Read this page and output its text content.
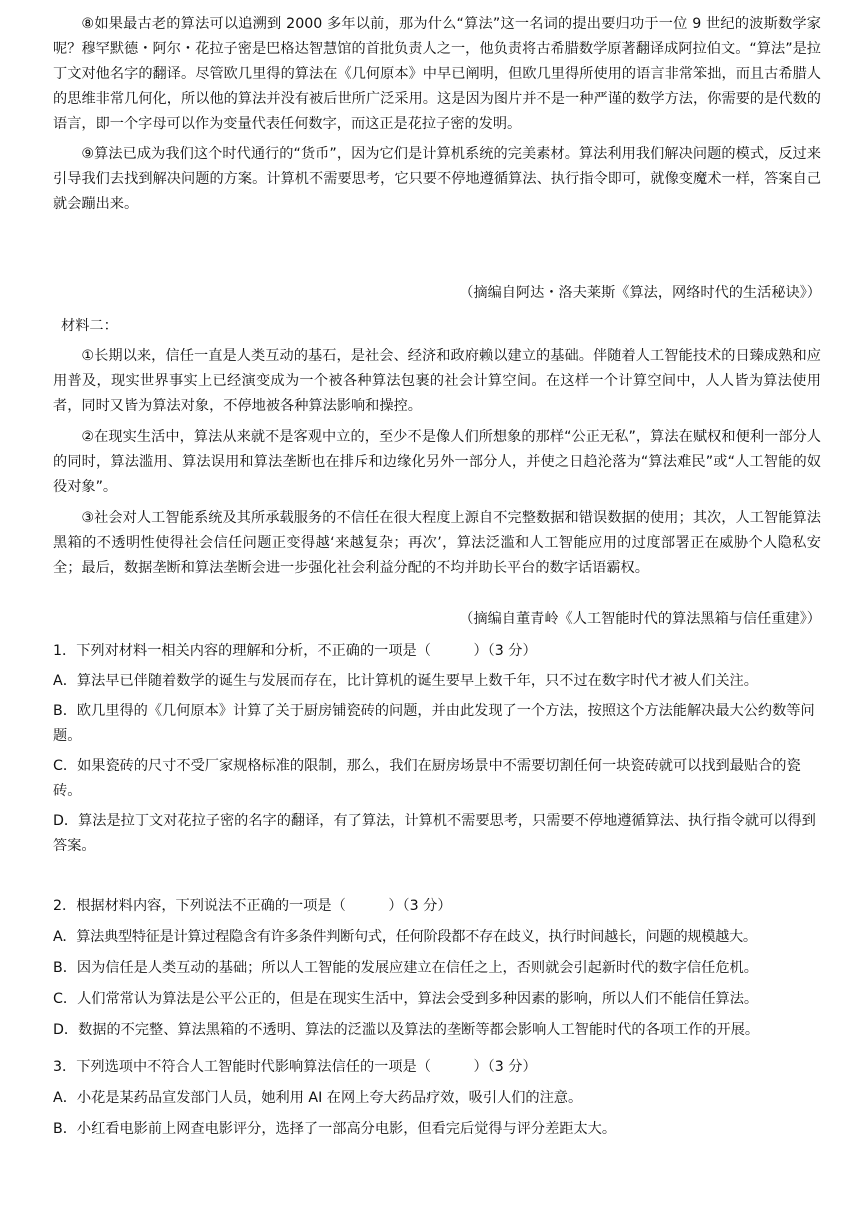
⑧如果最古老的算法可以追溯到 2000 多年以前，那为什么“算法”这一名词的提出要归功于一位 9 世纪的波斯数学家呢？穆罕默德・阿尔・花拉子密是巴格达智慧馆的首批负责人之一，他负责将古希腊数学原著翻译成阿拉伯文。“算法”是拉丁文对他名字的翻译。尽管欧几里得的算法在《几何原本》中早已阐明，但欧几里得所使用的语言非常笨拙，而且古希腊人的思维非常几何化，所以他的算法并没有被后世所广泛采用。这是因为图片并不是一种严谨的数学方法，你需要的是代数的语言，即一个字母可以作为变量代表任何数字，而这正是花拉子密的发明。

⑨算法已成为我们这个时代通行的“货币”，因为它们是计算机系统的完美素材。算法利用我们解决问题的模式，反过来引导我们去找到解决问题的方案。计算机不需要思考，它只要不停地遵循算法、执行指令即可，就像变魔术一样，答案自己就会蹦出来。

（摘编自阿达・洛夫莱斯《算法，网络时代的生活秘诀》）

材料二：

①长期以来，信任一直是人类互动的基石，是社会、经济和政府赖以建立的基础。伴随着人工智能技术的日臻成熟和应用普及，现实世界事实上已经演变成为一个被各种算法包裹的社会计算空间。在这样一个计算空间中，人人皆为算法使用者，同时又皆为算法对象，不停地被各种算法影响和操控。

②在现实生活中，算法从来就不是客观中立的，至少不是像人们所想象的那样“公正无私”，算法在赋权和便利一部分人的同时，算法滥用、算法误用和算法垄断也在排斥和边缘化另外一部分人，并使之日趋沦落为“算法难民”或“人工智能的奴役对象”。

③社会对人工智能系统及其所承载服务的不信任在很大程度上源自不完整数据和错误数据的使用；其次，人工智能算法黑箱的不透明性使得社会信任问题正变得越‘来越复杂；再次’，算法泛滥和人工智能应用的过度部署正在威胁个人隐私安全；最后，数据垄断和算法垄断会进一步强化社会利益分配的不均并助长平台的数字话语霸权。

（摘编自董青岭《人工智能时代的算法黑箱与信任重建》）

1．下列对材料一相关内容的理解和分析，不正确的一项是（　　　）（3 分）

A．算法早已伴随着数学的诞生与发展而存在，比计算机的诞生要早上数千年，只不过在数字时代才被人们关注。

B．欧几里得的《几何原本》计算了关于厨房铺瓷砖的问题，并由此发现了一个方法，按照这个方法能解决最大公约数等问题。

C．如果瓷砖的尺寸不受厂家规格标准的限制，那么，我们在厨房场景中不需要切割任何一块瓷砖就可以找到最贴合的瓷砖。

D．算法是拉丁文对花拉子密的名字的翻译，有了算法，计算机不需要思考，只需要不停地遵循算法、执行指令就可以得到答案。

2．根据材料内容，下列说法不正确的一项是（　　　）（3 分）

A．算法典型特征是计算过程隐含有许多条件判断句式，任何阶段都不存在歧义，执行时间越长，问题的规模越大。

B．因为信任是人类互动的基础；所以人工智能的发展应建立在信任之上，否则就会引起新时代的数字信任危机。

C．人们常常认为算法是公平公正的，但是在现实生活中，算法会受到多种因素的影响，所以人们不能信任算法。

D．数据的不完整、算法黑箱的不透明、算法的泛滥以及算法的垄断等都会影响人工智能时代的各项工作的开展。

3．下列选项中不符合人工智能时代影响算法信任的一项是（　　　）（3 分）

A．小花是某药品宣发部门人员，她利用 AI 在网上夸大药品疗效，吸引人们的注意。

B．小红看电影前上网查电影评分，选择了一部高分电影，但看完后觉得与评分差距太大。
